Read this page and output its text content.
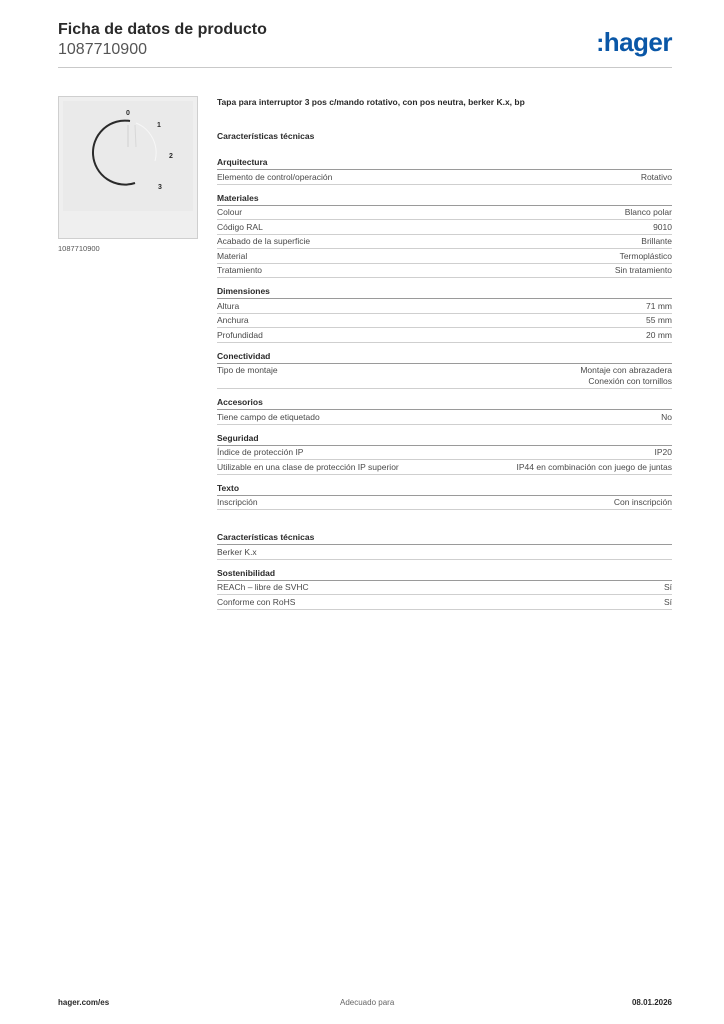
Ficha de datos de producto
1087710900	:hager
0
1
2
3
1087710900
Tapa para interruptor 3 pos c/mando rotativo, con pos neutra, berker K.x, bp
Características técnicas
Arquitectura
Elemento de control/operación	Rotativo
Materiales
Colour	Blanco polar
Código RAL	9010
Acabado de la superficie	Brillante
Material	Termoplástico
Tratamiento	Sin tratamiento
Dimensiones
Altura	71 mm
Anchura	55 mm
Profundidad	20 mm
Conectividad
Tipo de montaje	Montaje con abrazadera
Conexión con tornillos
Accesorios
Tiene campo de etiquetado	No
Seguridad
Índice de protección IP	IP20
Utilizable en una clase de protección IP superior	IP44 en combinación con juego de juntas
Texto
Inscripción	Con inscripción
Características técnicas
Berker K.x
Sostenibilidad
REACh – libre de SVHC	Sí
Conforme con RoHS	Sí
hager.com/es	Adecuado para	08.01.2026
